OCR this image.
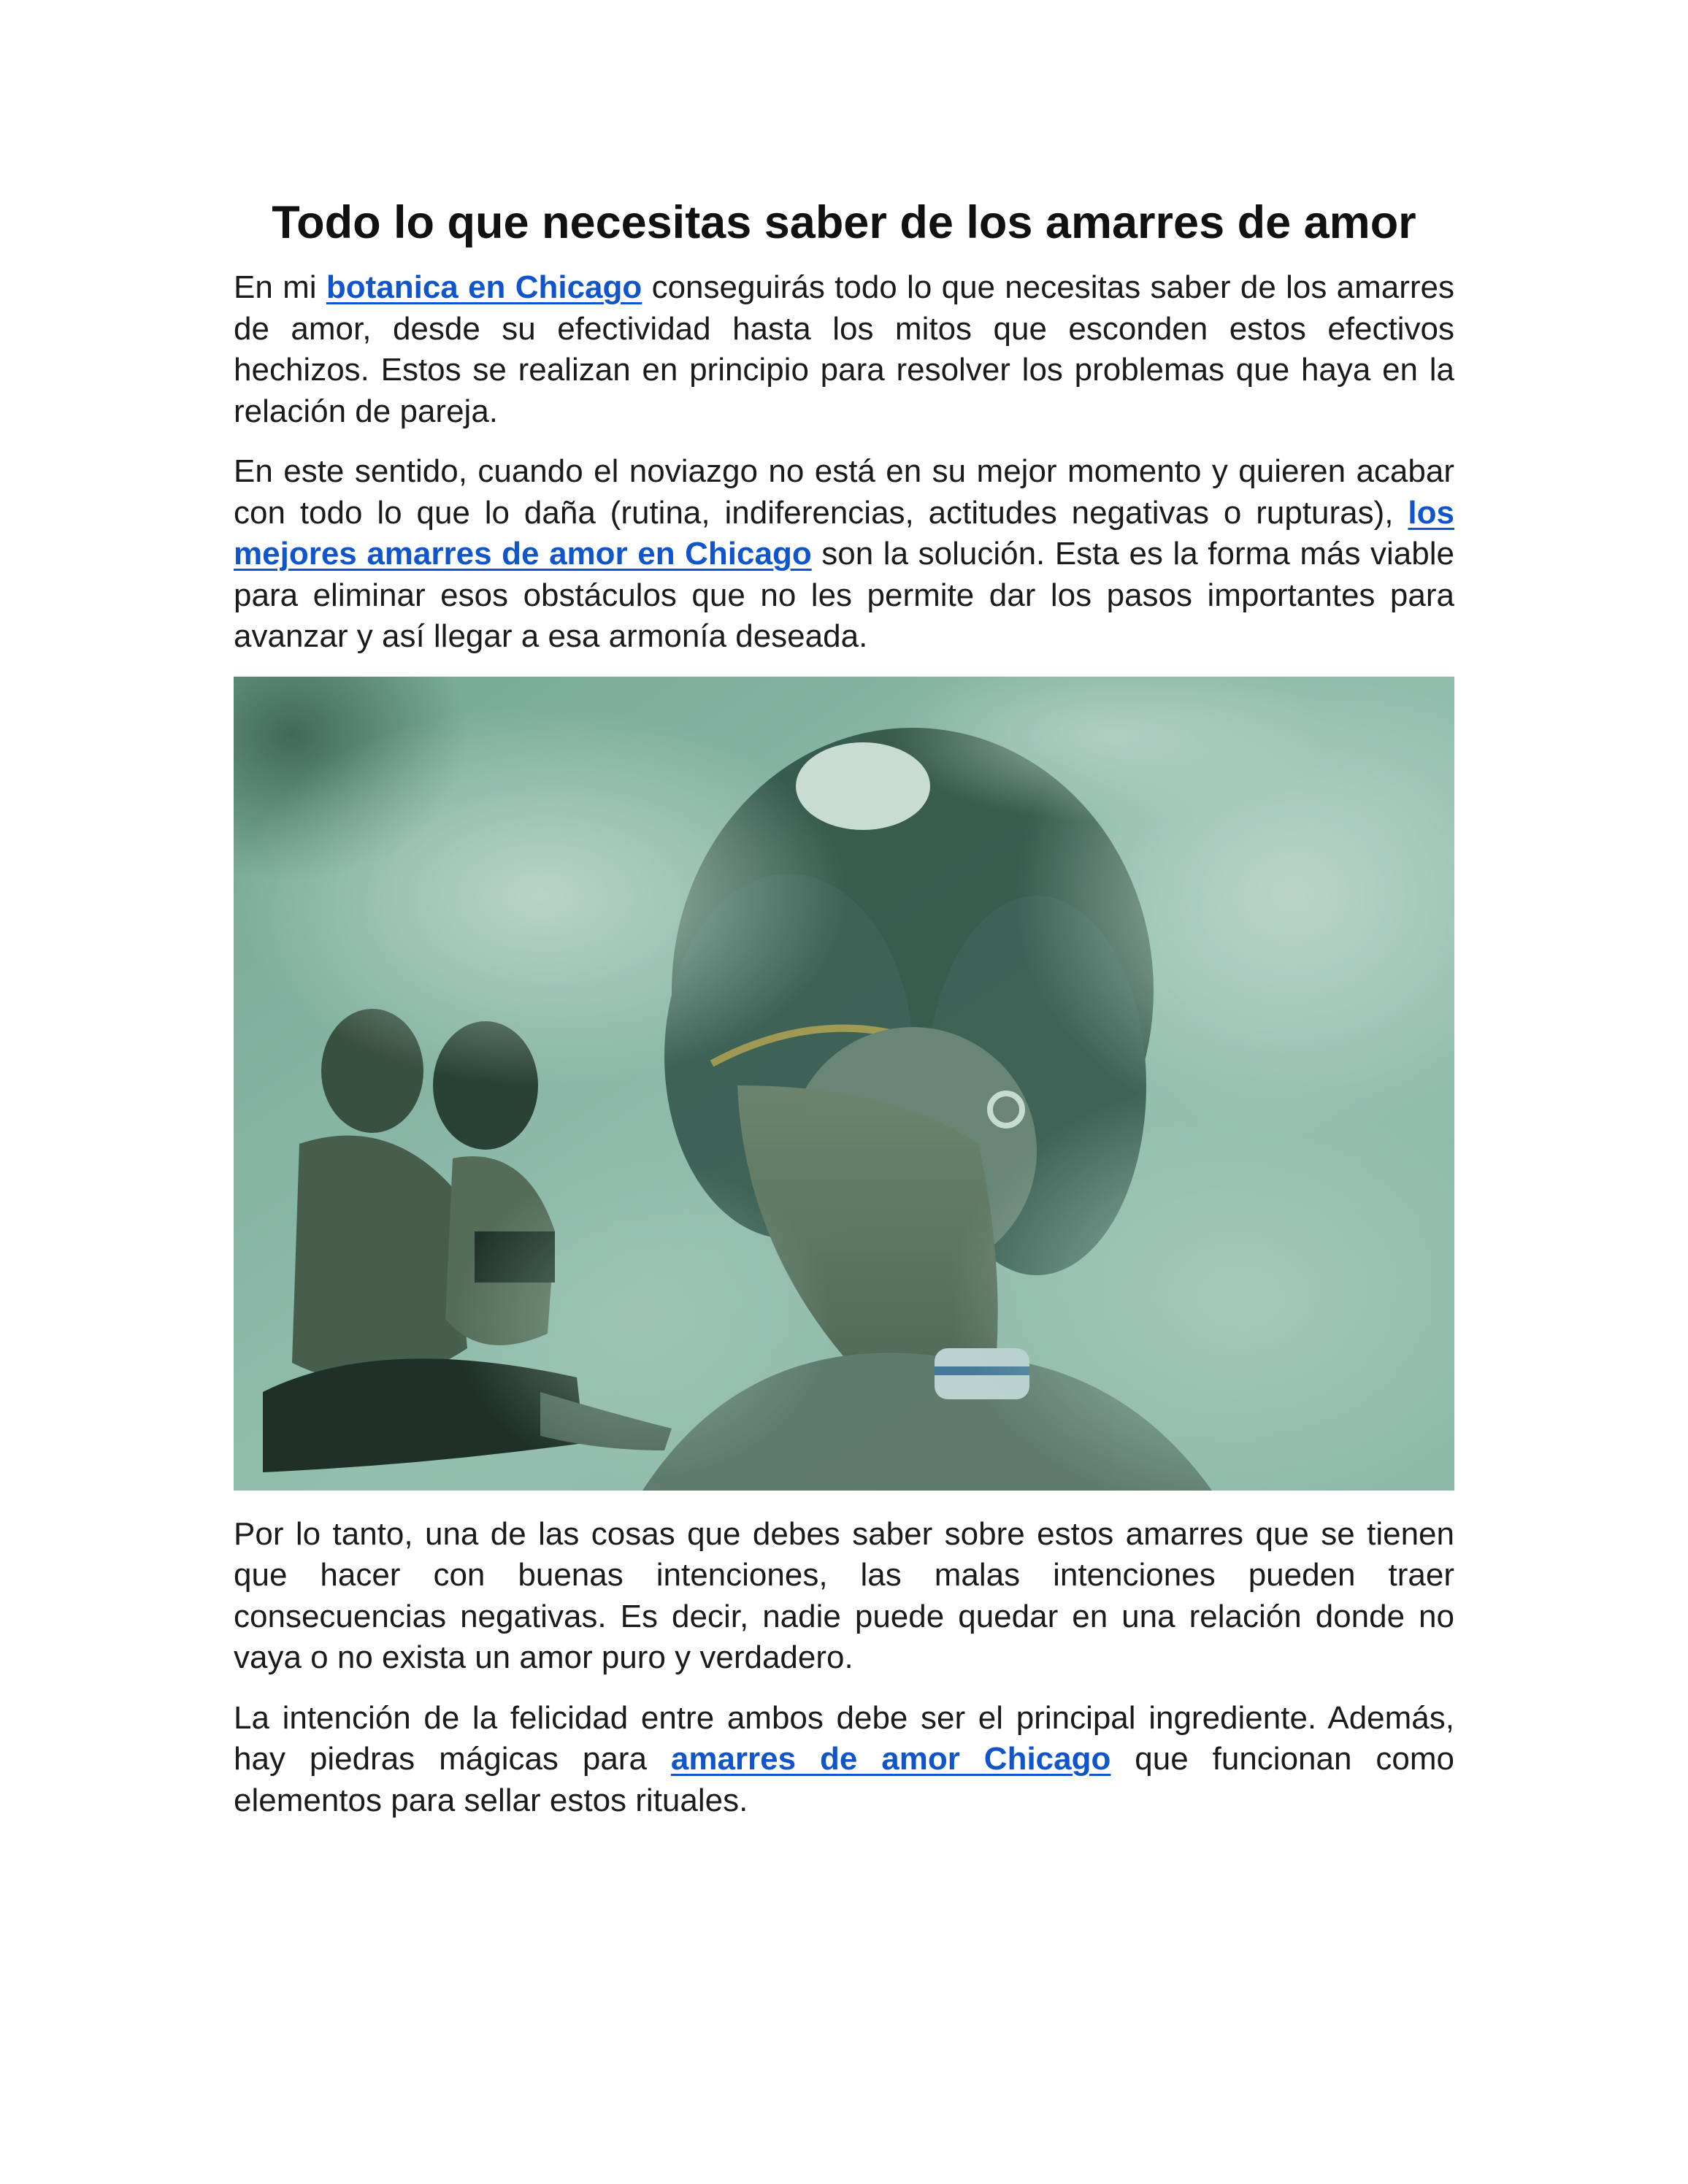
Todo lo que necesitas saber de los amarres de amor

En mi botanica en Chicago conseguirás todo lo que necesitas saber de los amarres de amor, desde su efectividad hasta los mitos que esconden estos efectivos hechizos. Estos se realizan en principio para resolver los problemas que haya en la relación de pareja.

En este sentido, cuando el noviazgo no está en su mejor momento y quieren acabar con todo lo que lo daña (rutina, indiferencias, actitudes negativas o rupturas), los mejores amarres de amor en Chicago son la solución. Esta es la forma más viable para eliminar esos obstáculos que no les permite dar los pasos importantes para avanzar y así llegar a esa armonía deseada.

Por lo tanto, una de las cosas que debes saber sobre estos amarres que se tienen que hacer con buenas intenciones, las malas intenciones pueden traer consecuencias negativas. Es decir, nadie puede quedar en una relación donde no vaya o no exista un amor puro y verdadero.

La intención de la felicidad entre ambos debe ser el principal ingrediente. Además, hay piedras mágicas para amarres de amor Chicago que funcionan como elementos para sellar estos rituales.
